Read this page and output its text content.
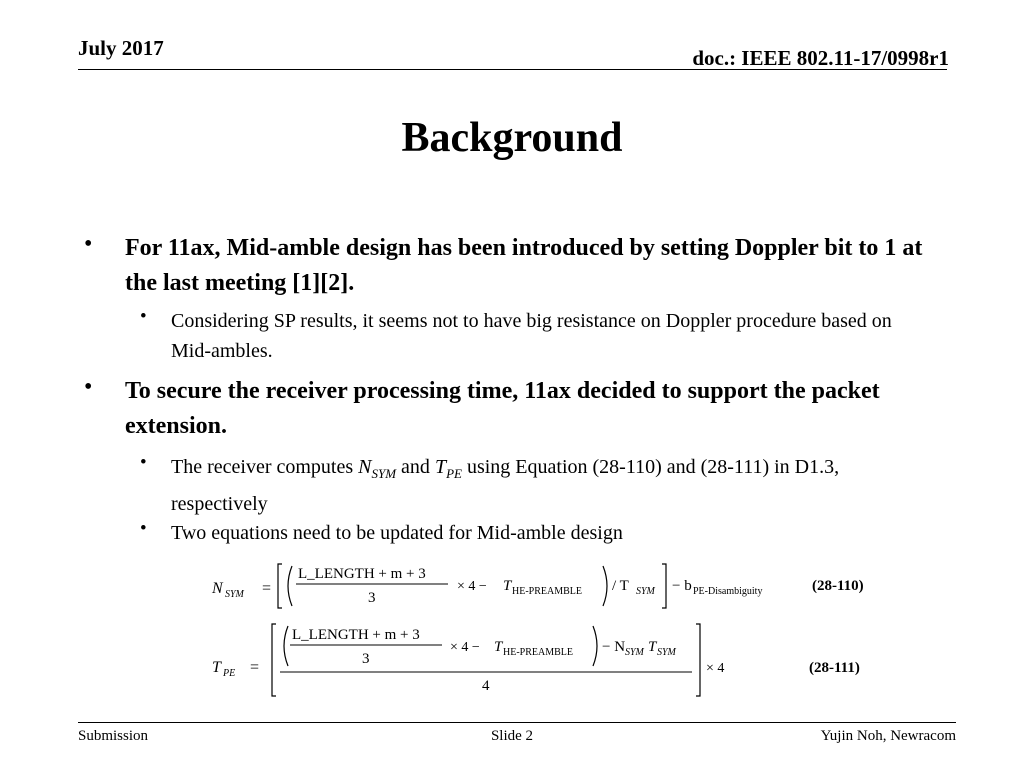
July 2017	doc.: IEEE 802.11-17/0998r1
Background
• For 11ax, Mid-amble design has been introduced by setting Doppler bit to 1 at the last meeting [1][2].
• Considering SP results, it seems not to have big resistance on Doppler procedure based on Mid-ambles.
• To secure the receiver processing time, 11ax decided to support the packet extension.
• The receiver computes $N_{SYM}$ and $T_{PE}$ using Equation (28-110) and (28-111) in D1.3, respectively
• Two equations need to be updated for Mid-amble design
N SYM =
L_LENGTH + m + 3
3
× 4 − T HE-PREAMBLE / T SYM − b PE-Disambiguity	(28-110)
T PE =
L_LENGTH + m + 3
3
× 4 − T HE-PREAMBLE − N SYM T SYM
4
× 4	(28-111)
Submission	Slide 2	Yujin Noh, Newracom
